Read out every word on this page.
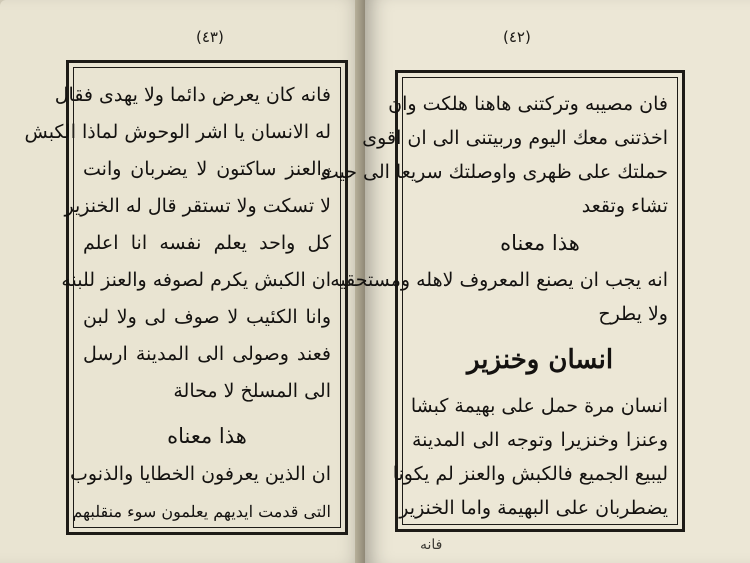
(٤٣)

فانه كان يعرض دائما ولا يهدى فقال

له الانسان يا اشر الوحوش لماذا الكبش

والعنز ساكتون لا يضربان وانت

لا تسكت ولا تستقر قال له الخنزير

كل واحد يعلم نفسه انا اعلم

ان الكبش يكرم لصوفه والعنز للبنه

وانا الكئيب لا صوف لى ولا لبن

فعند وصولى الى المدينة ارسل

الى المسلخ لا محالة

هذا معناه

ان الذين يعرفون الخطايا والذنوب

التى قدمت ايديهم يعلمون سوء منقلبهم

(٤٢)

فان مصيبه وتركتنى هاهنا هلكت وان

اخذتنى معك اليوم وربيتنى الى ان اقوى

حملتك على ظهرى واوصلتك سريعا الى حيث

تشاء وتقعد

هذا معناه

انه يجب ان يصنع المعروف لاهله ومستحقيه

ولا يطرح

انسان وخنزير

انسان مرة حمل على بهيمة كبشا

وعنزا وخنزيرا وتوجه الى المدينة

ليبيع الجميع فالكبش والعنز لم يكونا

يضطربان على البهيمة واما الخنزير

فانه
